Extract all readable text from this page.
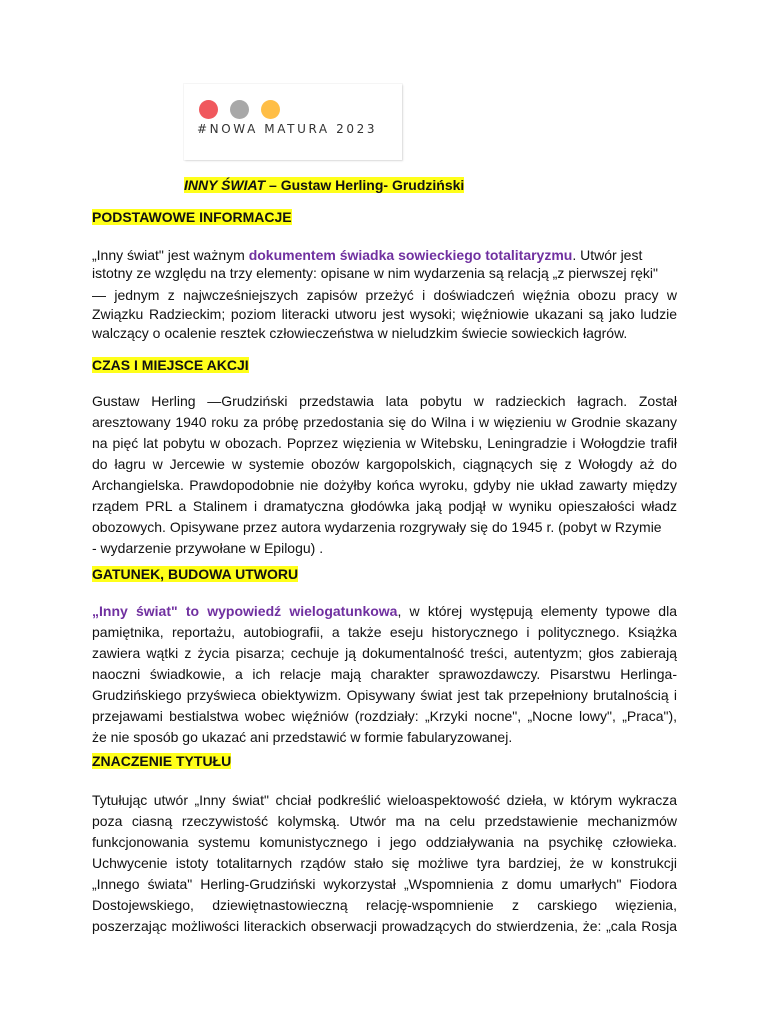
#NOWA MATURA 2023
INNY ŚWIAT – Gustaw Herling- Grudziński
PODSTAWOWE INFORMACJE
„Inny świat" jest ważnym dokumentem świadka sowieckiego totalitaryzmu. Utwór jest
istotny ze względu na trzy elementy: opisane w nim wydarzenia są relacją „z pierwszej ręki"
— jednym z najwcześniejszych zapisów przeżyć i doświadczeń więźnia obozu pracy w
Związku Radzieckim; poziom literacki utworu jest wysoki; więźniowie ukazani są jako ludzie
walczący o ocalenie resztek człowieczeństwa w nieludzkim świecie sowieckich łagrów.
CZAS I MIEJSCE AKCJI
Gustaw Herling —Grudziński przedstawia lata pobytu w radzieckich łagrach. Został
aresztowany 1940 roku za próbę przedostania się do Wilna i w więzieniu w Grodnie skazany
na pięć lat pobytu w obozach. Poprzez więzienia w Witebsku, Leningradzie i Wołogdzie trafił
do łagru w Jercewie w systemie obozów kargopolskich, ciągnących się z Wołogdy aż do
Archangielska. Prawdopodobnie nie dożyłby końca wyroku, gdyby nie układ zawarty między
rządem PRL a Stalinem i dramatyczna głodówka jaką podjął w wyniku opieszałości władz
obozowych. Opisywane przez autora wydarzenia rozgrywały się do 1945 r. (pobyt w Rzymie
- wydarzenie przywołane w Epilogu) .
GATUNEK, BUDOWA UTWORU
„Inny świat" to wypowiedź wielogatunkowa, w której występują elementy typowe dla
pamiętnika, reportażu, autobiografii, a także eseju historycznego i politycznego. Książka
zawiera wątki z życia pisarza; cechuje ją dokumentalność treści, autentyzm; głos zabierają
naoczni świadkowie, a ich relacje mają charakter sprawozdawczy. Pisarstwu Herlinga-
Grudzińskiego przyświeca obiektywizm. Opisywany świat jest tak przepełniony brutalnością i
przejawami bestialstwa wobec więźniów (rozdziały: „Krzyki nocne", „Nocne lowy", „Praca"),
że nie sposób go ukazać ani przedstawić w formie fabularyzowanej.
ZNACZENIE TYTUŁU
Tytułując utwór „Inny świat" chciał podkreślić wieloaspektowość dzieła, w którym wykracza
poza ciasną rzeczywistość kolymską. Utwór ma na celu przedstawienie mechanizmów
funkcjonowania systemu komunistycznego i jego oddziaływania na psychikę człowieka.
Uchwycenie istoty totalitarnych rządów stało się możliwe tyra bardziej, że w konstrukcji
„Innego świata" Herling-Grudziński wykorzystał „Wspomnienia z domu umarłych" Fiodora
Dostojewskiego, dziewiętnastowieczną relację-wspomnienie z carskiego więzienia,
poszerzając możliwości literackich obserwacji prowadzących do stwierdzenia, że: „cala Rosja
